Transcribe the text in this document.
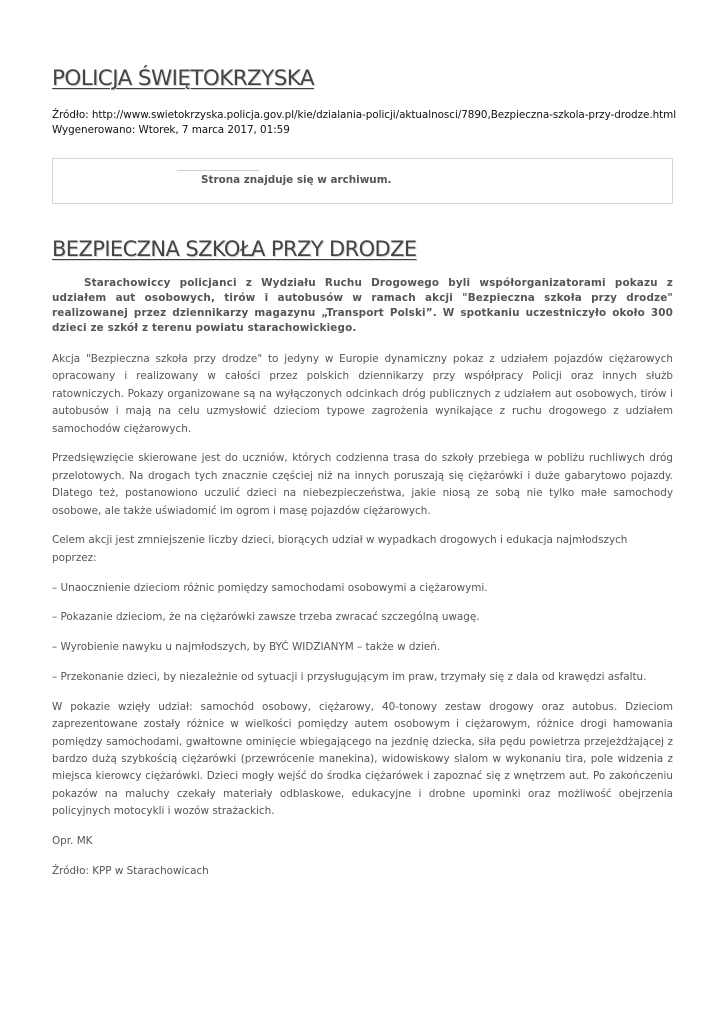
POLICJA ŚWIĘTOKRZYSKA
Źródło: http://www.swietokrzyska.policja.gov.pl/kie/dzialania-policji/aktualnosci/7890,Bezpieczna-szkola-przy-drodze.html
Wygenerowano: Wtorek, 7 marca 2017, 01:59
Strona znajduje się w archiwum.
BEZPIECZNA SZKOŁA PRZY DRODZE

Starachowiccy policjanci z Wydziału Ruchu Drogowego byli współorganizatorami pokazu z udziałem aut osobowych, tirów i autobusów w ramach akcji "Bezpieczna szkoła przy drodze" realizowanej przez dziennikarzy magazynu „Transport Polski”. W spotkaniu uczestniczyło około 300 dzieci ze szkół z terenu powiatu starachowickiego.

Akcja "Bezpieczna szkoła przy drodze" to jedyny w Europie dynamiczny pokaz z udziałem pojazdów ciężarowych opracowany i realizowany w całości przez polskich dziennikarzy przy współpracy Policji oraz innych służb ratowniczych. Pokazy organizowane są na wyłączonych odcinkach dróg publicznych z udziałem aut osobowych, tirów i autobusów i mają na celu uzmysłowić dzieciom typowe zagrożenia wynikające z ruchu drogowego z udziałem samochodów ciężarowych.

Przedsięwzięcie skierowane jest do uczniów, których codzienna trasa do szkoły przebiega w pobliżu ruchliwych dróg przelotowych. Na drogach tych znacznie częściej niż na innych poruszają się ciężarówki i duże gabarytowo pojazdy. Dlatego też, postanowiono uczulić dzieci na niebezpieczeństwa, jakie niosą ze sobą nie tylko małe samochody osobowe, ale także uświadomić im ogrom i masę pojazdów ciężarowych.

Celem akcji jest zmniejszenie liczby dzieci, biorących udział w wypadkach drogowych i edukacja najmłodszych poprzez:

– Unaocznienie dzieciom różnic pomiędzy samochodami osobowymi a ciężarowymi.

– Pokazanie dzieciom, że na ciężarówki zawsze trzeba zwracać szczególną uwagę.

– Wyrobienie nawyku u najmłodszych, by BYĆ WIDZIANYM – także w dzień.

– Przekonanie dzieci, by niezależnie od sytuacji i przysługującym im praw, trzymały się z dala od krawędzi asfaltu.

W pokazie wzięły udział: samochód osobowy, ciężarowy, 40-tonowy zestaw drogowy oraz autobus. Dzieciom zaprezentowane zostały różnice w wielkości pomiędzy autem osobowym i ciężarowym, różnice drogi hamowania pomiędzy samochodami, gwałtowne ominięcie wbiegającego na jezdnię dziecka, siła pędu powietrza przejeżdżającej z bardzo dużą szybkością ciężarówki (przewrócenie manekina), widowiskowy slalom w wykonaniu tira, pole widzenia z miejsca kierowcy ciężarówki. Dzieci mogły wejść do środka ciężarówek i zapoznać się z wnętrzem aut. Po zakończeniu pokazów na maluchy czekały materiały odblaskowe, edukacyjne i drobne upominki oraz możliwość obejrzenia policyjnych motocykli i wozów strażackich.

Opr. MK

Źródło: KPP w Starachowicach
